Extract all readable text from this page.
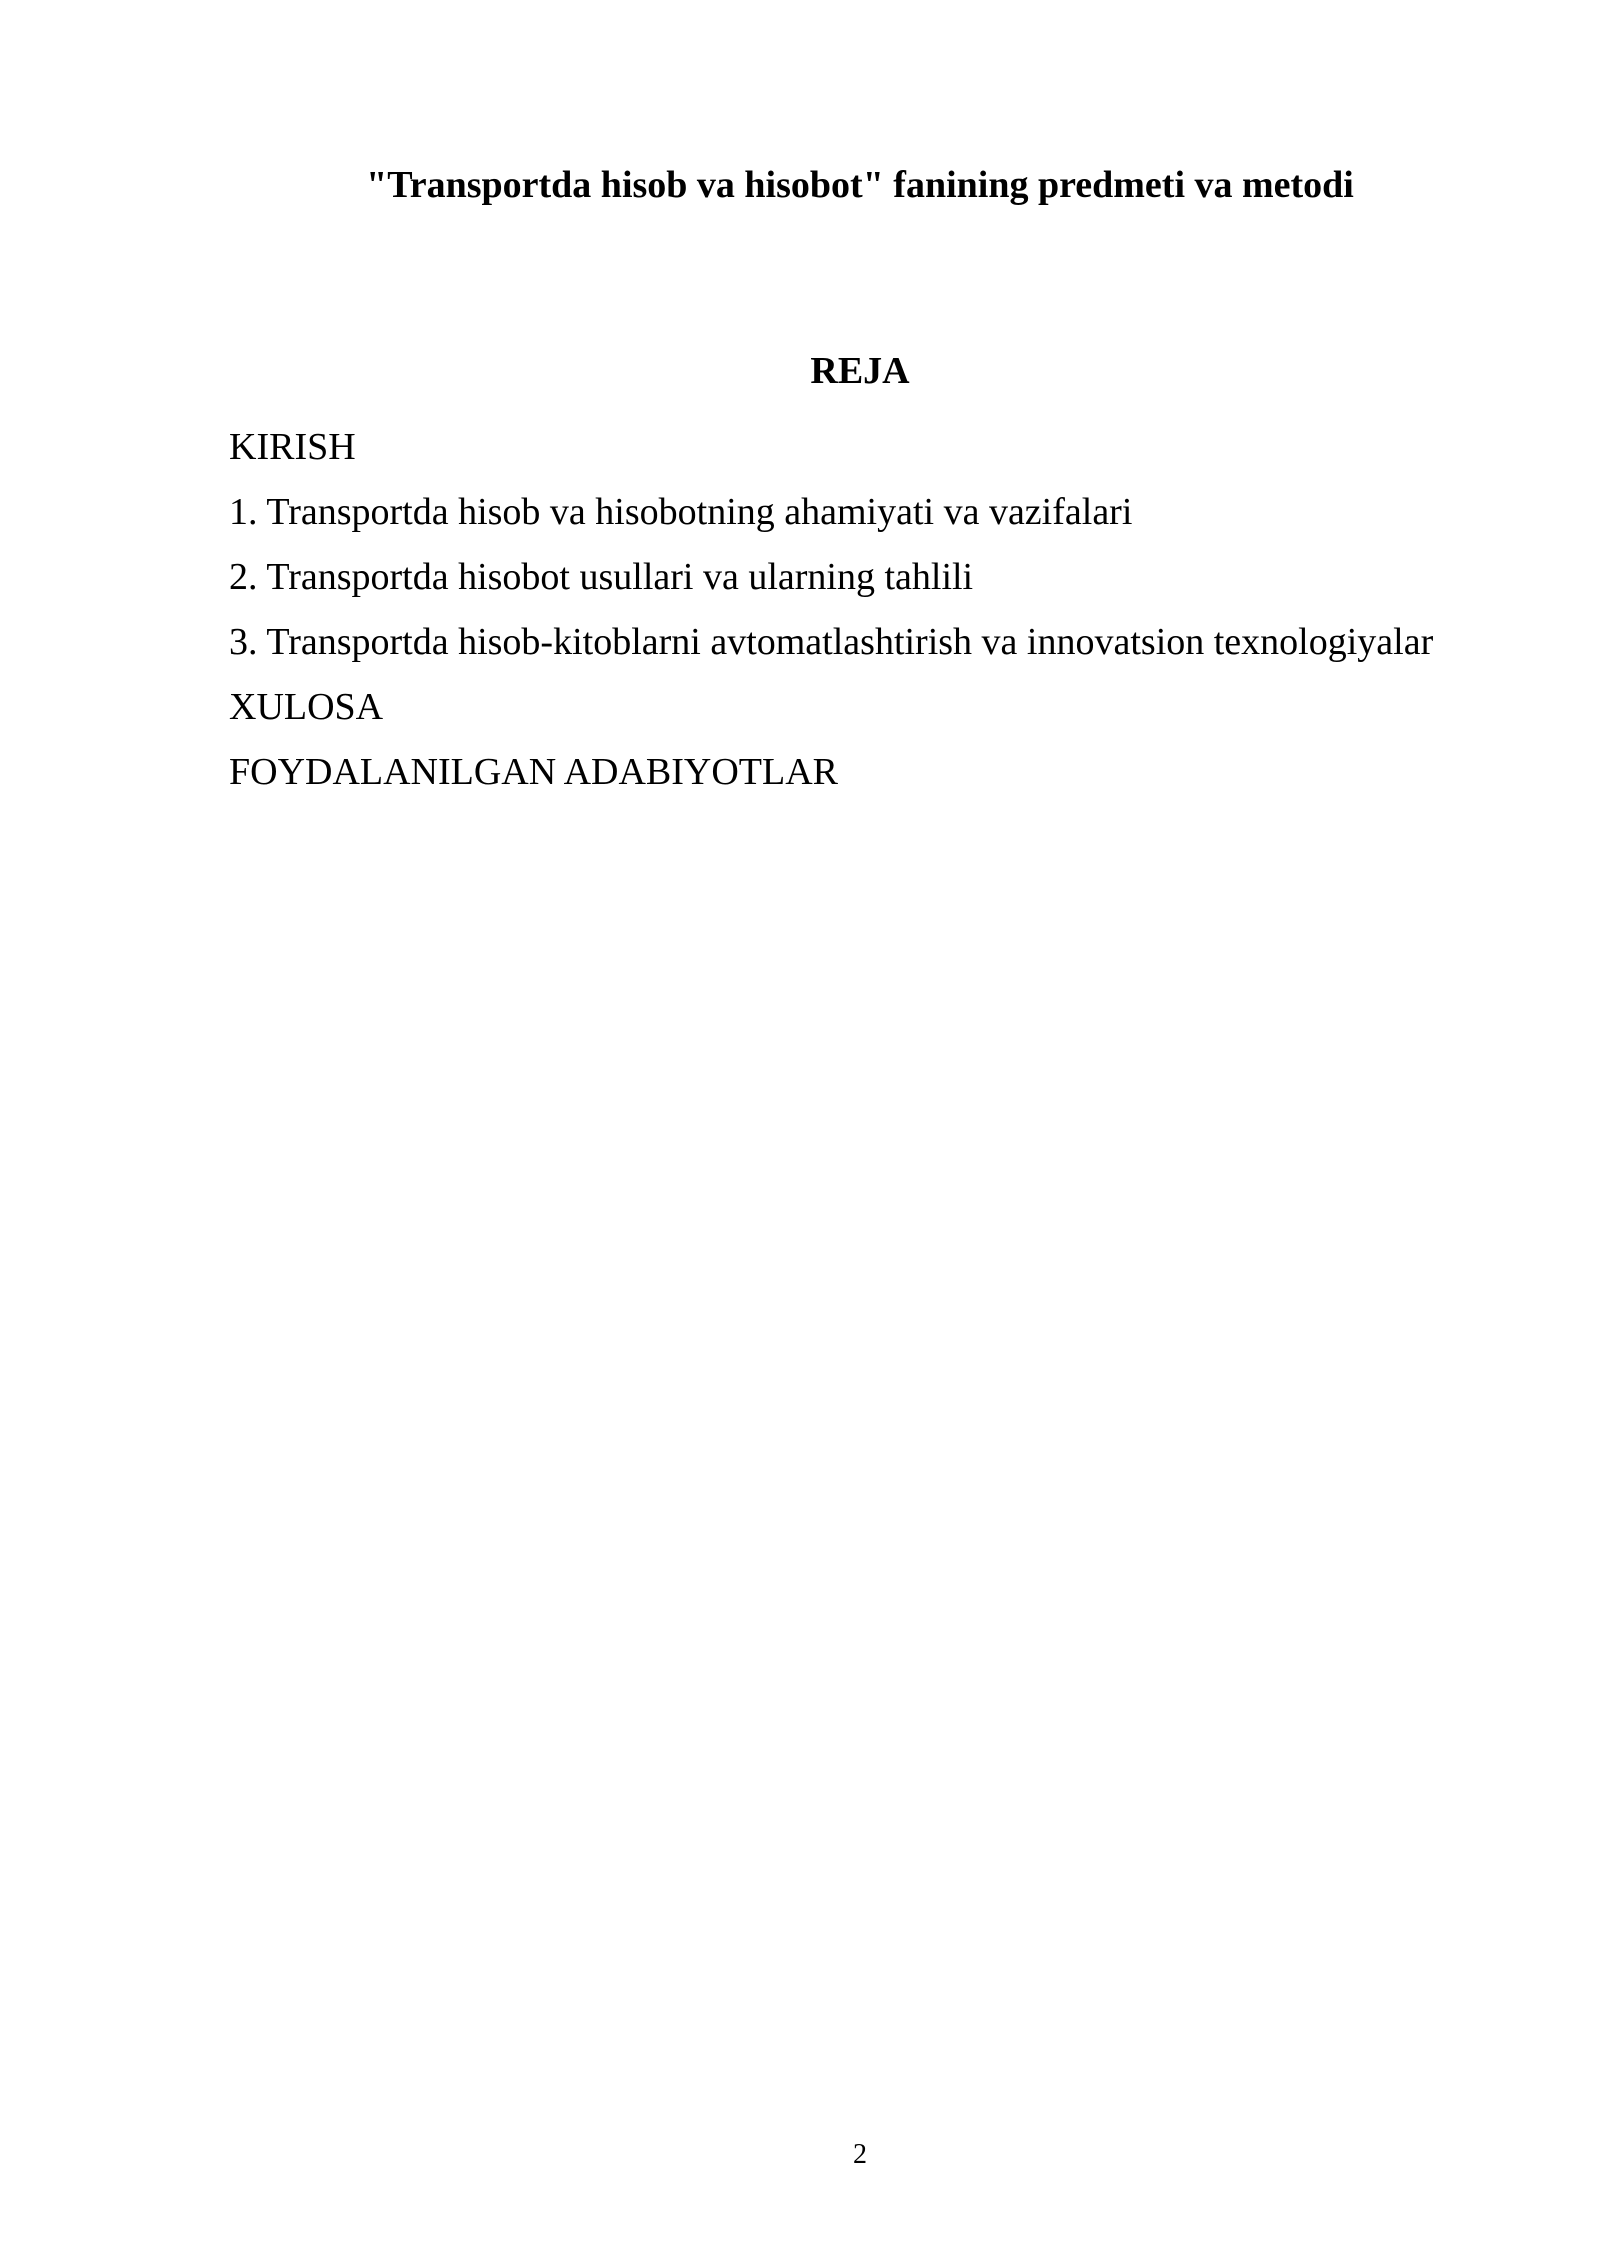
"Transportda hisob va hisobot" fanining predmeti va metodi
REJA
KIRISH
1. Transportda hisob va hisobotning ahamiyati va vazifalari
2. Transportda hisobot usullari va ularning tahlili
3. Transportda hisob-kitoblarni avtomatlashtirish va innovatsion texnologiyalar
XULOSA
FOYDALANILGAN ADABIYOTLAR
2
